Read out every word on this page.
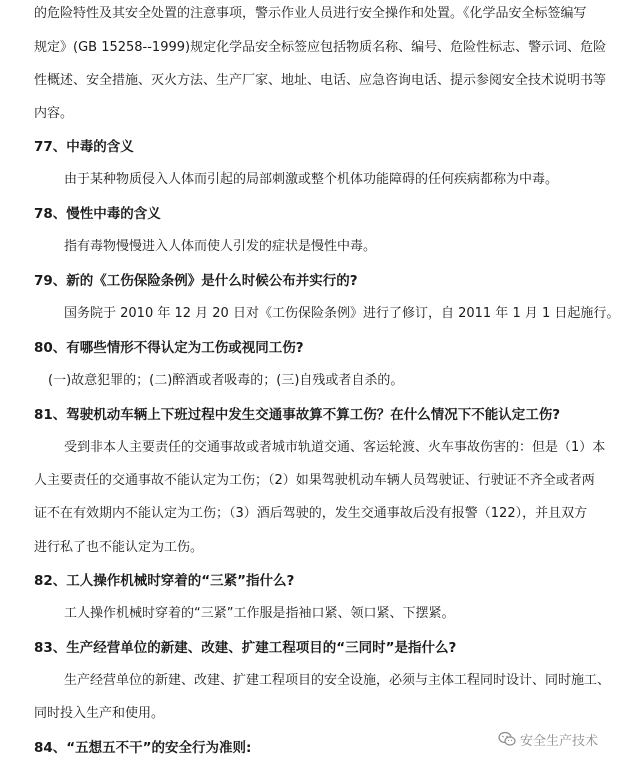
的危险特性及其安全处置的注意事项，警示作业人员进行安全操作和处置。《化学品安全标签编写
规定》(GB 15258--1999)规定化学品安全标签应包括物质名称、编号、危险性标志、警示词、危险
性概述、安全措施、灭火方法、生产厂家、地址、电话、应急咨询电话、提示参阅安全技术说明书等
内容。
77、中毒的含义
由于某种物质侵入人体而引起的局部刺激或整个机体功能障碍的任何疾病都称为中毒。
78、慢性中毒的含义
指有毒物慢慢进入人体而使人引发的症状是慢性中毒。
79、新的《工伤保险条例》是什么时候公布并实行的?
国务院于 2010 年 12 月 20 日对《工伤保险条例》进行了修订，自 2011 年 1 月 1 日起施行。
80、有哪些情形不得认定为工伤或视同工伤?
(一)故意犯罪的；(二)醉酒或者吸毒的；(三)自残或者自杀的。
81、驾驶机动车辆上下班过程中发生交通事故算不算工伤？在什么情况下不能认定工伤?
受到非本人主要责任的交通事故或者城市轨道交通、客运轮渡、火车事故伤害的：但是（1）本
人主要责任的交通事故不能认定为工伤；（2）如果驾驶机动车辆人员驾驶证、行驶证不齐全或者两
证不在有效期内不能认定为工伤；（3）酒后驾驶的，发生交通事故后没有报警（122），并且双方
进行私了也不能认定为工伤。
82、工人操作机械时穿着的“三紧”指什么?
工人操作机械时穿着的“三紧”工作服是指袖口紧、领口紧、下摆紧。
83、生产经营单位的新建、改建、扩建工程项目的“三同时”是指什么?
生产经营单位的新建、改建、扩建工程项目的安全设施，必须与主体工程同时设计、同时施工、
同时投入生产和使用。
84、“五想五不干”的安全行为准则:	安全生产技术
